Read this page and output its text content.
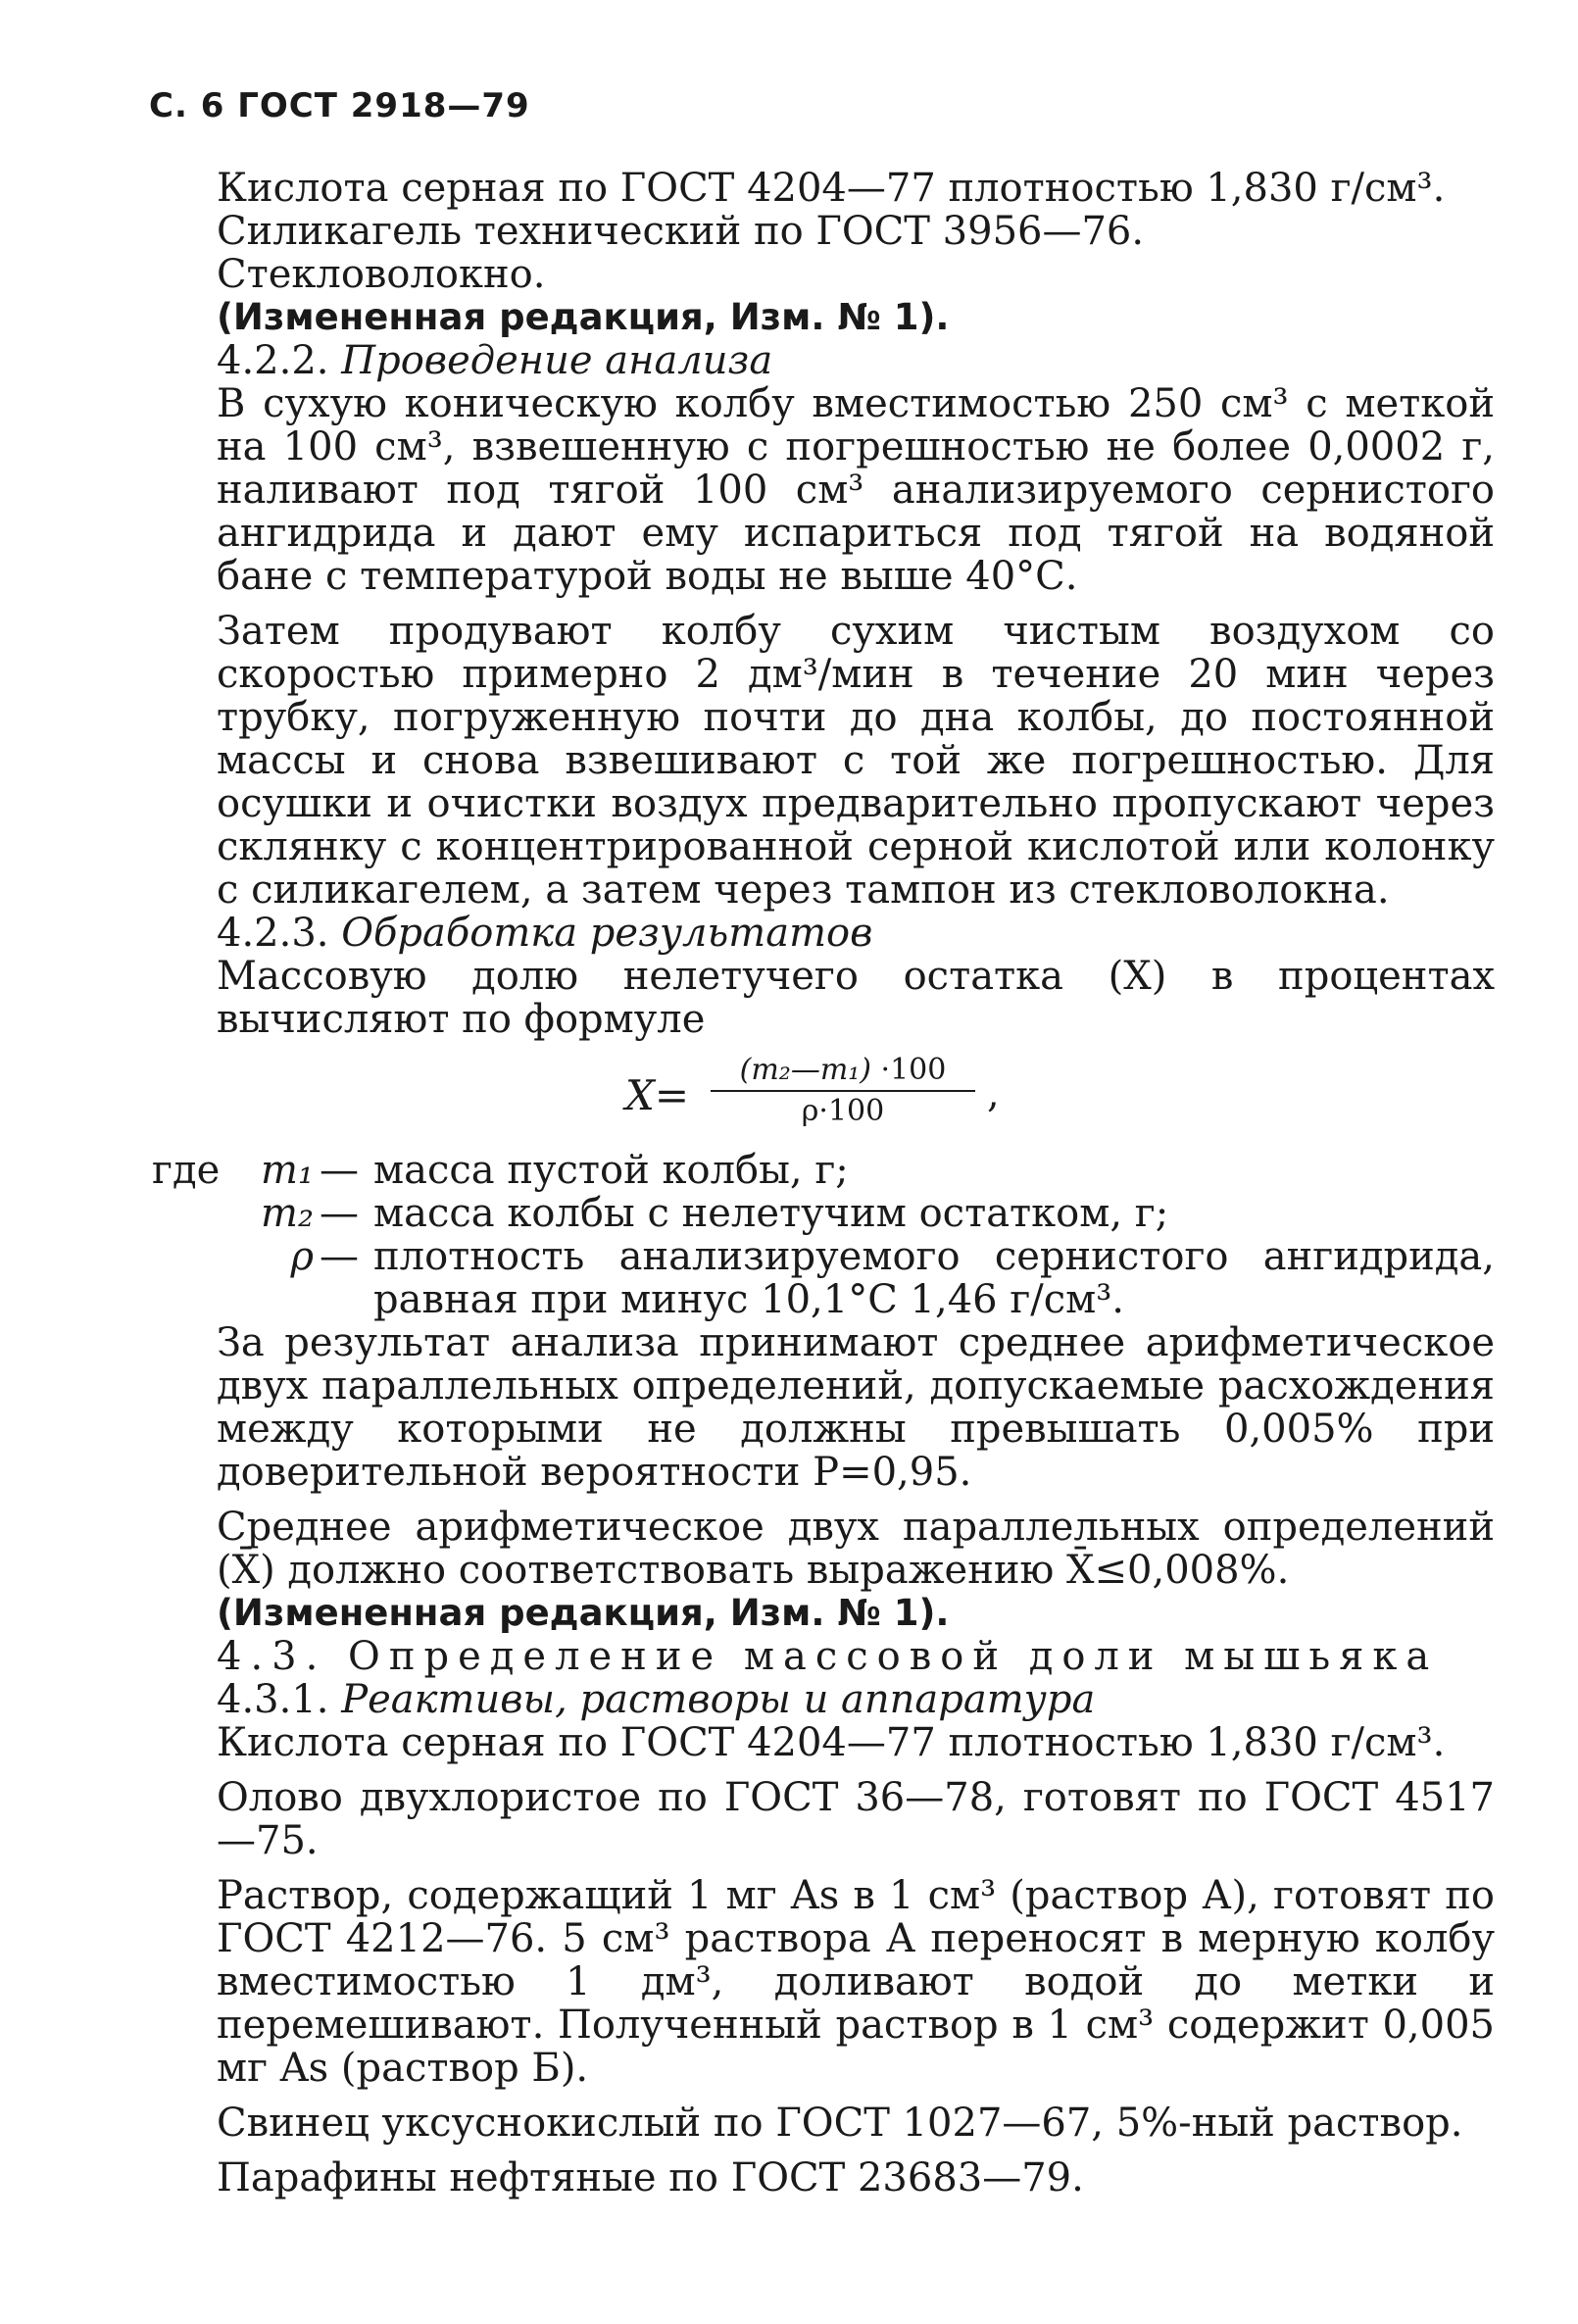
С. 6 ГОСТ 2918—79

Кислота серная по ГОСТ 4204—77 плотностью 1,830 г/см³.

Силикагель технический по ГОСТ 3956—76.

Стекловолокно.

(Измененная редакция, Изм. № 1).

4.2.2. Проведение анализа

В сухую коническую колбу вместимостью 250 см³ с меткой на 100 см³, взвешенную с погрешностью не более 0,0002 г, наливают под тягой 100 см³ анализируемого сернистого ангидрида и дают ему испариться под тягой на водяной бане с температурой воды не выше 40°С.

Затем продувают колбу сухим чистым воздухом со скоростью примерно 2 дм³/мин в течение 20 мин через трубку, погруженную почти до дна колбы, до постоянной массы и снова взвешивают с той же погрешностью. Для осушки и очистки воздух предварительно пропускают через склянку с концентрированной серной кислотой или колонку с силикагелем, а затем через тампон из стекловолокна.

4.2.3. Обработка результатов

Массовую долю нелетучего остатка (X) в процентах вычисляют по формуле

X=
(m₂—m₁) ·100
ρ·100	,
где	m₁ — масса пустой колбы, г;
m₂ — масса колбы с нелетучим остатком, г;
ρ — плотность анализируемого сернистого ангидрида, равная при минус 10,1°С 1,46 г/см³.

За результат анализа принимают среднее арифметическое двух параллельных определений, допускаемые расхождения между которыми не должны превышать 0,005% при доверительной вероятности P=0,95.

Среднее арифметическое двух параллельных определений (X̄) должно соответствовать выражению X̄≤0,008%.

(Измененная редакция, Изм. № 1).

4.3. Определение массовой доли мышьяка

4.3.1. Реактивы, растворы и аппаратура

Кислота серная по ГОСТ 4204—77 плотностью 1,830 г/см³.

Олово двухлористое по ГОСТ 36—78, готовят по ГОСТ 4517—75.

Раствор, содержащий 1 мг As в 1 см³ (раствор А), готовят по ГОСТ 4212—76. 5 см³ раствора А переносят в мерную колбу вместимостью 1 дм³, доливают водой до метки и перемешивают. Полученный раствор в 1 см³ содержит 0,005 мг As (раствор Б).

Свинец уксуснокислый по ГОСТ 1027—67, 5%-ный раствор.

Парафины нефтяные по ГОСТ 23683—79.
